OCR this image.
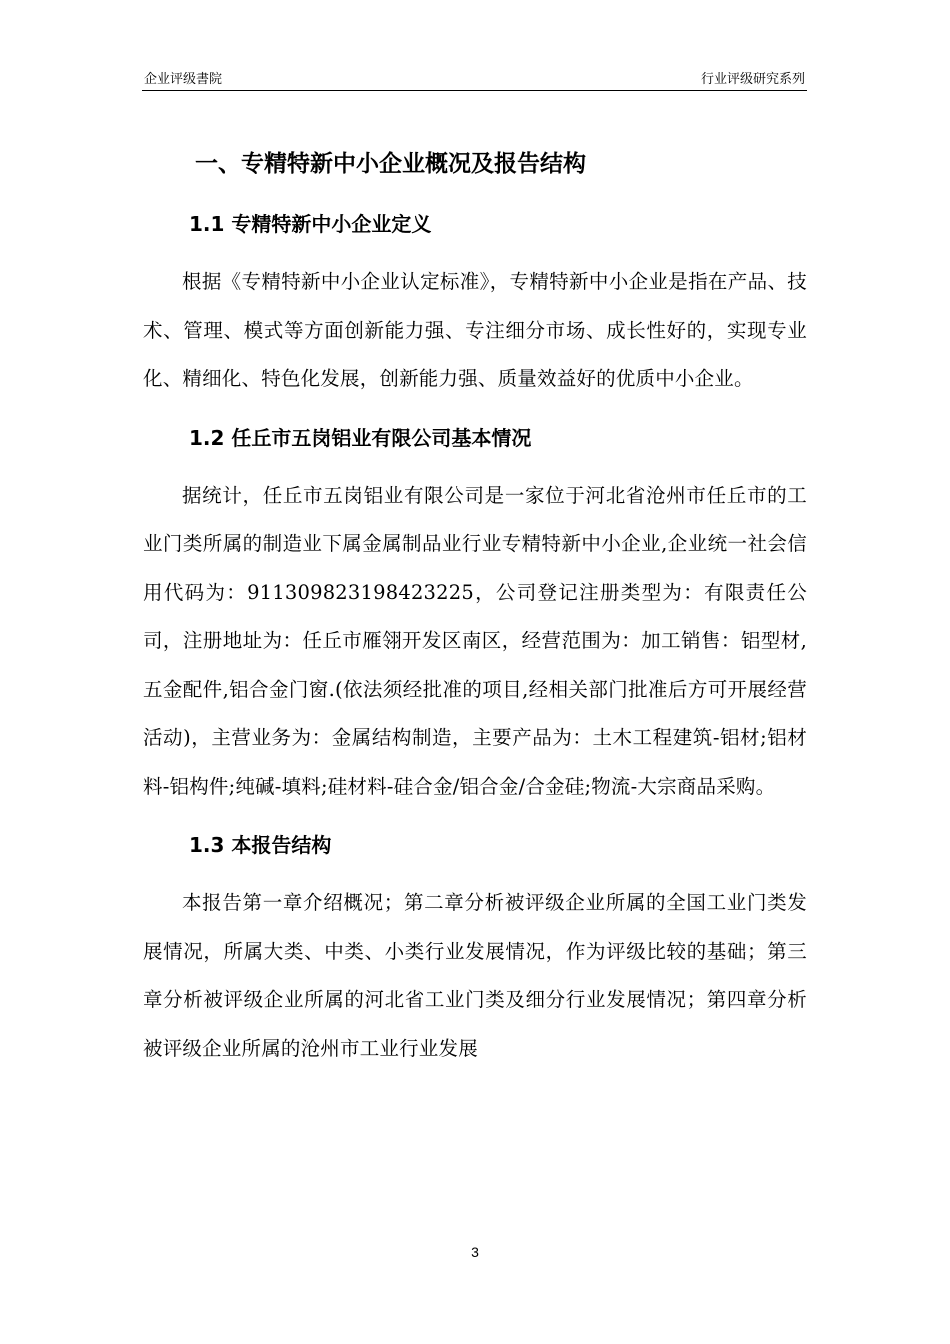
企业评级書院	行业评级研究系列
一、专精特新中小企业概况及报告结构
1.1 专精特新中小企业定义

根据《专精特新中小企业认定标准》，专精特新中小企业是指在产品、技术、管理、模式等方面创新能力强、专注细分市场、成长性好的，实现专业化、精细化、特色化发展，创新能力强、质量效益好的优质中小企业。

1.2 任丘市五岗铝业有限公司基本情况

据统计，任丘市五岗铝业有限公司是一家位于河北省沧州市任丘市的工业门类所属的制造业下属金属制品业行业专精特新中小企业,企业统一社会信用代码为：911309823198423225，公司登记注册类型为：有限责任公司，注册地址为：任丘市雁翎开发区南区，经营范围为：加工销售：铝型材,五金配件,铝合金门窗.(依法须经批准的项目,经相关部门批准后方可开展经营活动)，主营业务为：金属结构制造，主要产品为：土木工程建筑-铝材;铝材料-铝构件;纯碱-填料;硅材料-硅合金/铝合金/合金硅;物流-大宗商品采购。

1.3 本报告结构

本报告第一章介绍概况；第二章分析被评级企业所属的全国工业门类发展情况，所属大类、中类、小类行业发展情况，作为评级比较的基础；第三章分析被评级企业所属的河北省工业门类及细分行业发展情况；第四章分析被评级企业所属的沧州市工业行业发展

3
